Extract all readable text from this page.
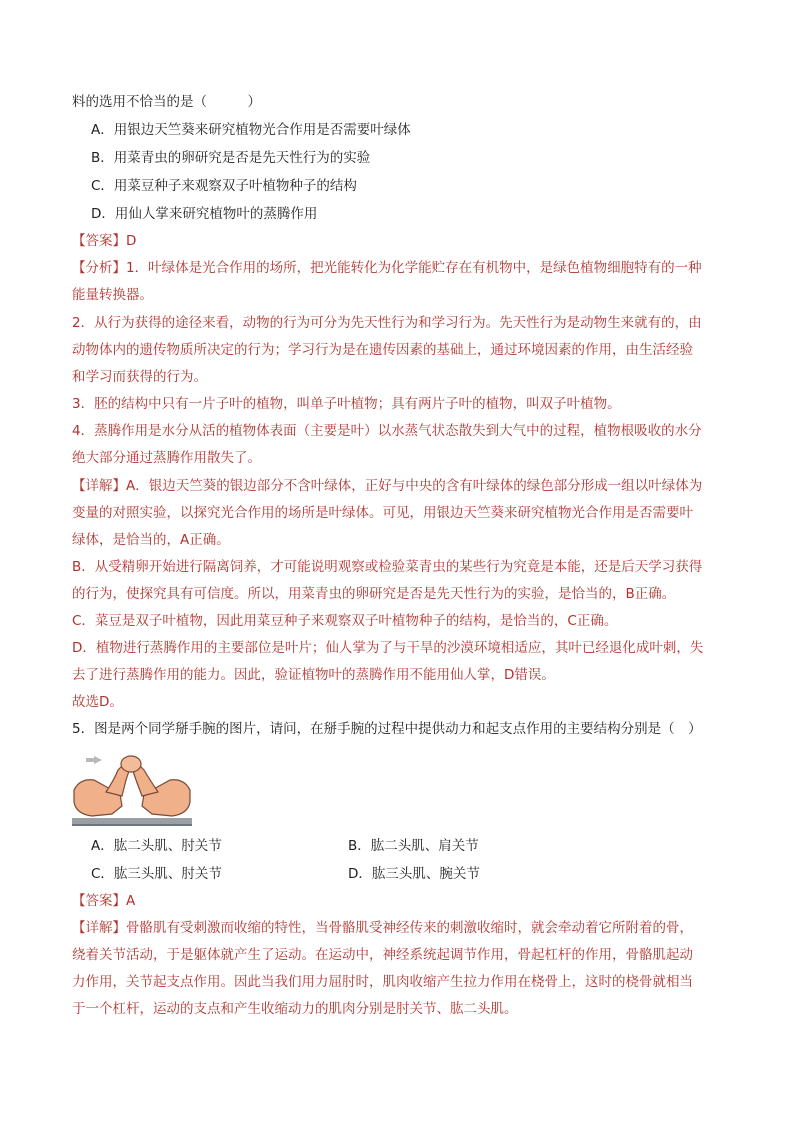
料的选用不恰当的是（　　　）
A．用银边天竺葵来研究植物光合作用是否需要叶绿体
B．用菜青虫的卵研究是否是先天性行为的实验
C．用菜豆种子来观察双子叶植物种子的结构
D．用仙人掌来研究植物叶的蒸腾作用
【答案】D
【分析】1．叶绿体是光合作用的场所，把光能转化为化学能贮存在有机物中，是绿色植物细胞特有的一种
能量转换器。
2．从行为获得的途径来看，动物的行为可分为先天性行为和学习行为。先天性行为是动物生来就有的，由
动物体内的遗传物质所决定的行为；学习行为是在遗传因素的基础上，通过环境因素的作用，由生活经验
和学习而获得的行为。
3．胚的结构中只有一片子叶的植物，叫单子叶植物；具有两片子叶的植物，叫双子叶植物。
4．蒸腾作用是水分从活的植物体表面（主要是叶）以水蒸气状态散失到大气中的过程，植物根吸收的水分
绝大部分通过蒸腾作用散失了。
【详解】A．银边天竺葵的银边部分不含叶绿体，正好与中央的含有叶绿体的绿色部分形成一组以叶绿体为
变量的对照实验，以探究光合作用的场所是叶绿体。可见，用银边天竺葵来研究植物光合作用是否需要叶
绿体，是恰当的，A正确。
B．从受精卵开始进行隔离饲养，才可能说明观察或检验菜青虫的某些行为究竟是本能，还是后天学习获得
的行为，使探究具有可信度。所以，用菜青虫的卵研究是否是先天性行为的实验，是恰当的，B正确。
C．菜豆是双子叶植物，因此用菜豆种子来观察双子叶植物种子的结构，是恰当的，C正确。
D．植物进行蒸腾作用的主要部位是叶片；仙人掌为了与干旱的沙漠环境相适应，其叶已经退化成叶刺，失
去了进行蒸腾作用的能力。因此，验证植物叶的蒸腾作用不能用仙人掌，D错误。
故选D。
5．图是两个同学掰手腕的图片，请问，在掰手腕的过程中提供动力和起支点作用的主要结构分别是（　）
A．肱二头肌、肘关节	B．肱二头肌、肩关节
C．肱三头肌、肘关节	D．肱三头肌、腕关节
【答案】A
【详解】骨骼肌有受刺激而收缩的特性，当骨骼肌受神经传来的刺激收缩时，就会牵动着它所附着的骨，
绕着关节活动，于是躯体就产生了运动。在运动中，神经系统起调节作用，骨起杠杆的作用，骨骼肌起动
力作用，关节起支点作用。因此当我们用力屈肘时，肌肉收缩产生拉力作用在桡骨上，这时的桡骨就相当
于一个杠杆，运动的支点和产生收缩动力的肌肉分别是肘关节、肱二头肌。
